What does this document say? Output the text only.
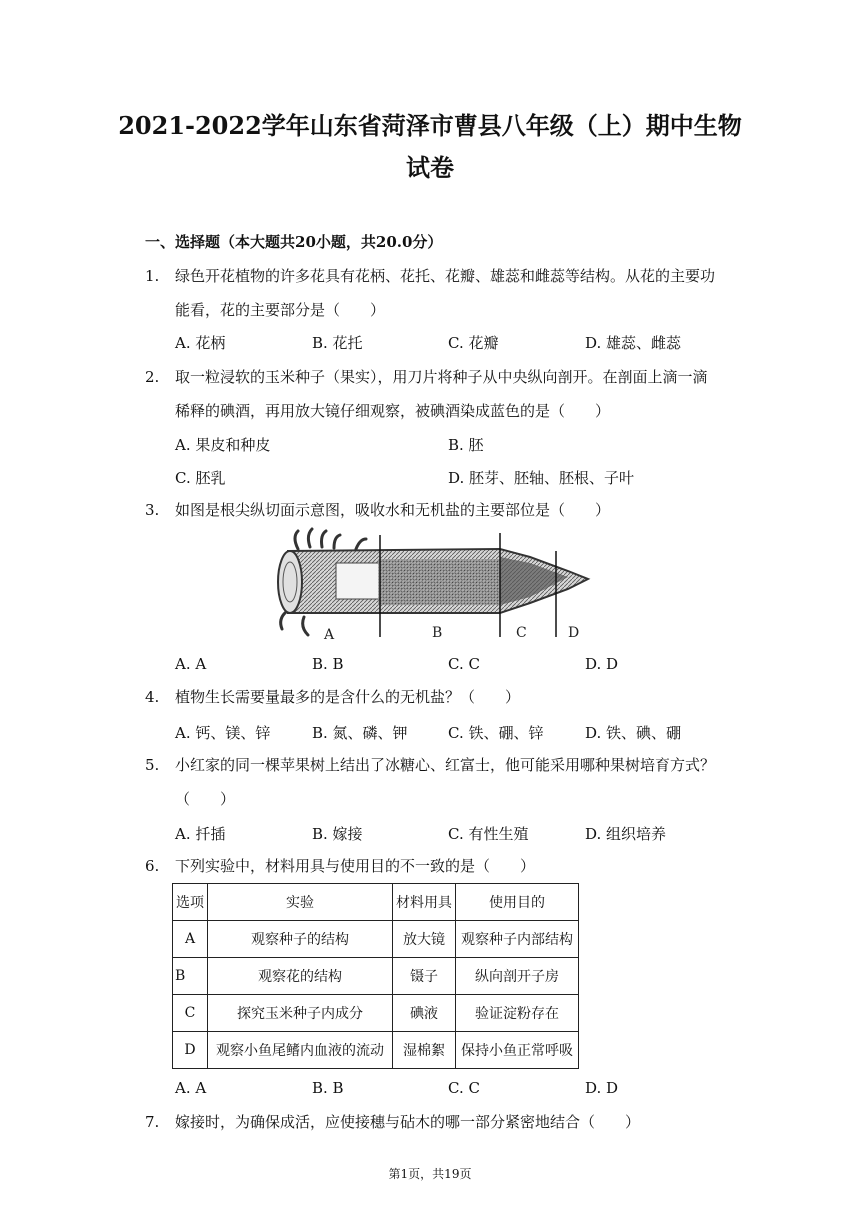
2021-2022学年山东省菏泽市曹县八年级（上）期中生物
试卷
一、选择题（本大题共20小题，共20.0分）
1. 绿色开花植物的许多花具有花柄、花托、花瓣、雄蕊和雌蕊等结构。从花的主要功
能看，花的主要部分是（　　）
A. 花柄	B. 花托	C. 花瓣	D. 雄蕊、雌蕊
2. 取一粒浸软的玉米种子（果实），用刀片将种子从中央纵向剖开。在剖面上滴一滴
稀释的碘酒，再用放大镜仔细观察，被碘酒染成蓝色的是（　　）
A. 果皮和种皮	B. 胚
C. 胚乳	D. 胚芽、胚轴、胚根、子叶
3. 如图是根尖纵切面示意图，吸收水和无机盐的主要部位是（　　）
A	B	C	D
A. A	B. B	C. C	D. D
4. 植物生长需要量最多的是含什么的无机盐？（　　）
A. 钙、镁、锌	B. 氮、磷、钾	C. 铁、硼、锌	D. 铁、碘、硼
5. 小红家的同一棵苹果树上结出了冰糖心、红富士，他可能采用哪种果树培育方式？
（　　）
A. 扦插	B. 嫁接	C. 有性生殖	D. 组织培养
6. 下列实验中，材料用具与使用目的不一致的是（　　）
选项	实验	材料用具	使用目的
A	观察种子的结构	放大镜	观察种子内部结构
B	观察花的结构	镊子	纵向剖开子房
C	探究玉米种子内成分	碘液	验证淀粉存在
D	观察小鱼尾鳍内血液的流动	湿棉絮	保持小鱼正常呼吸
A. A	B. B	C. C	D. D
7. 嫁接时，为确保成活，应使接穗与砧木的哪一部分紧密地结合（　　）
第1页，共19页
